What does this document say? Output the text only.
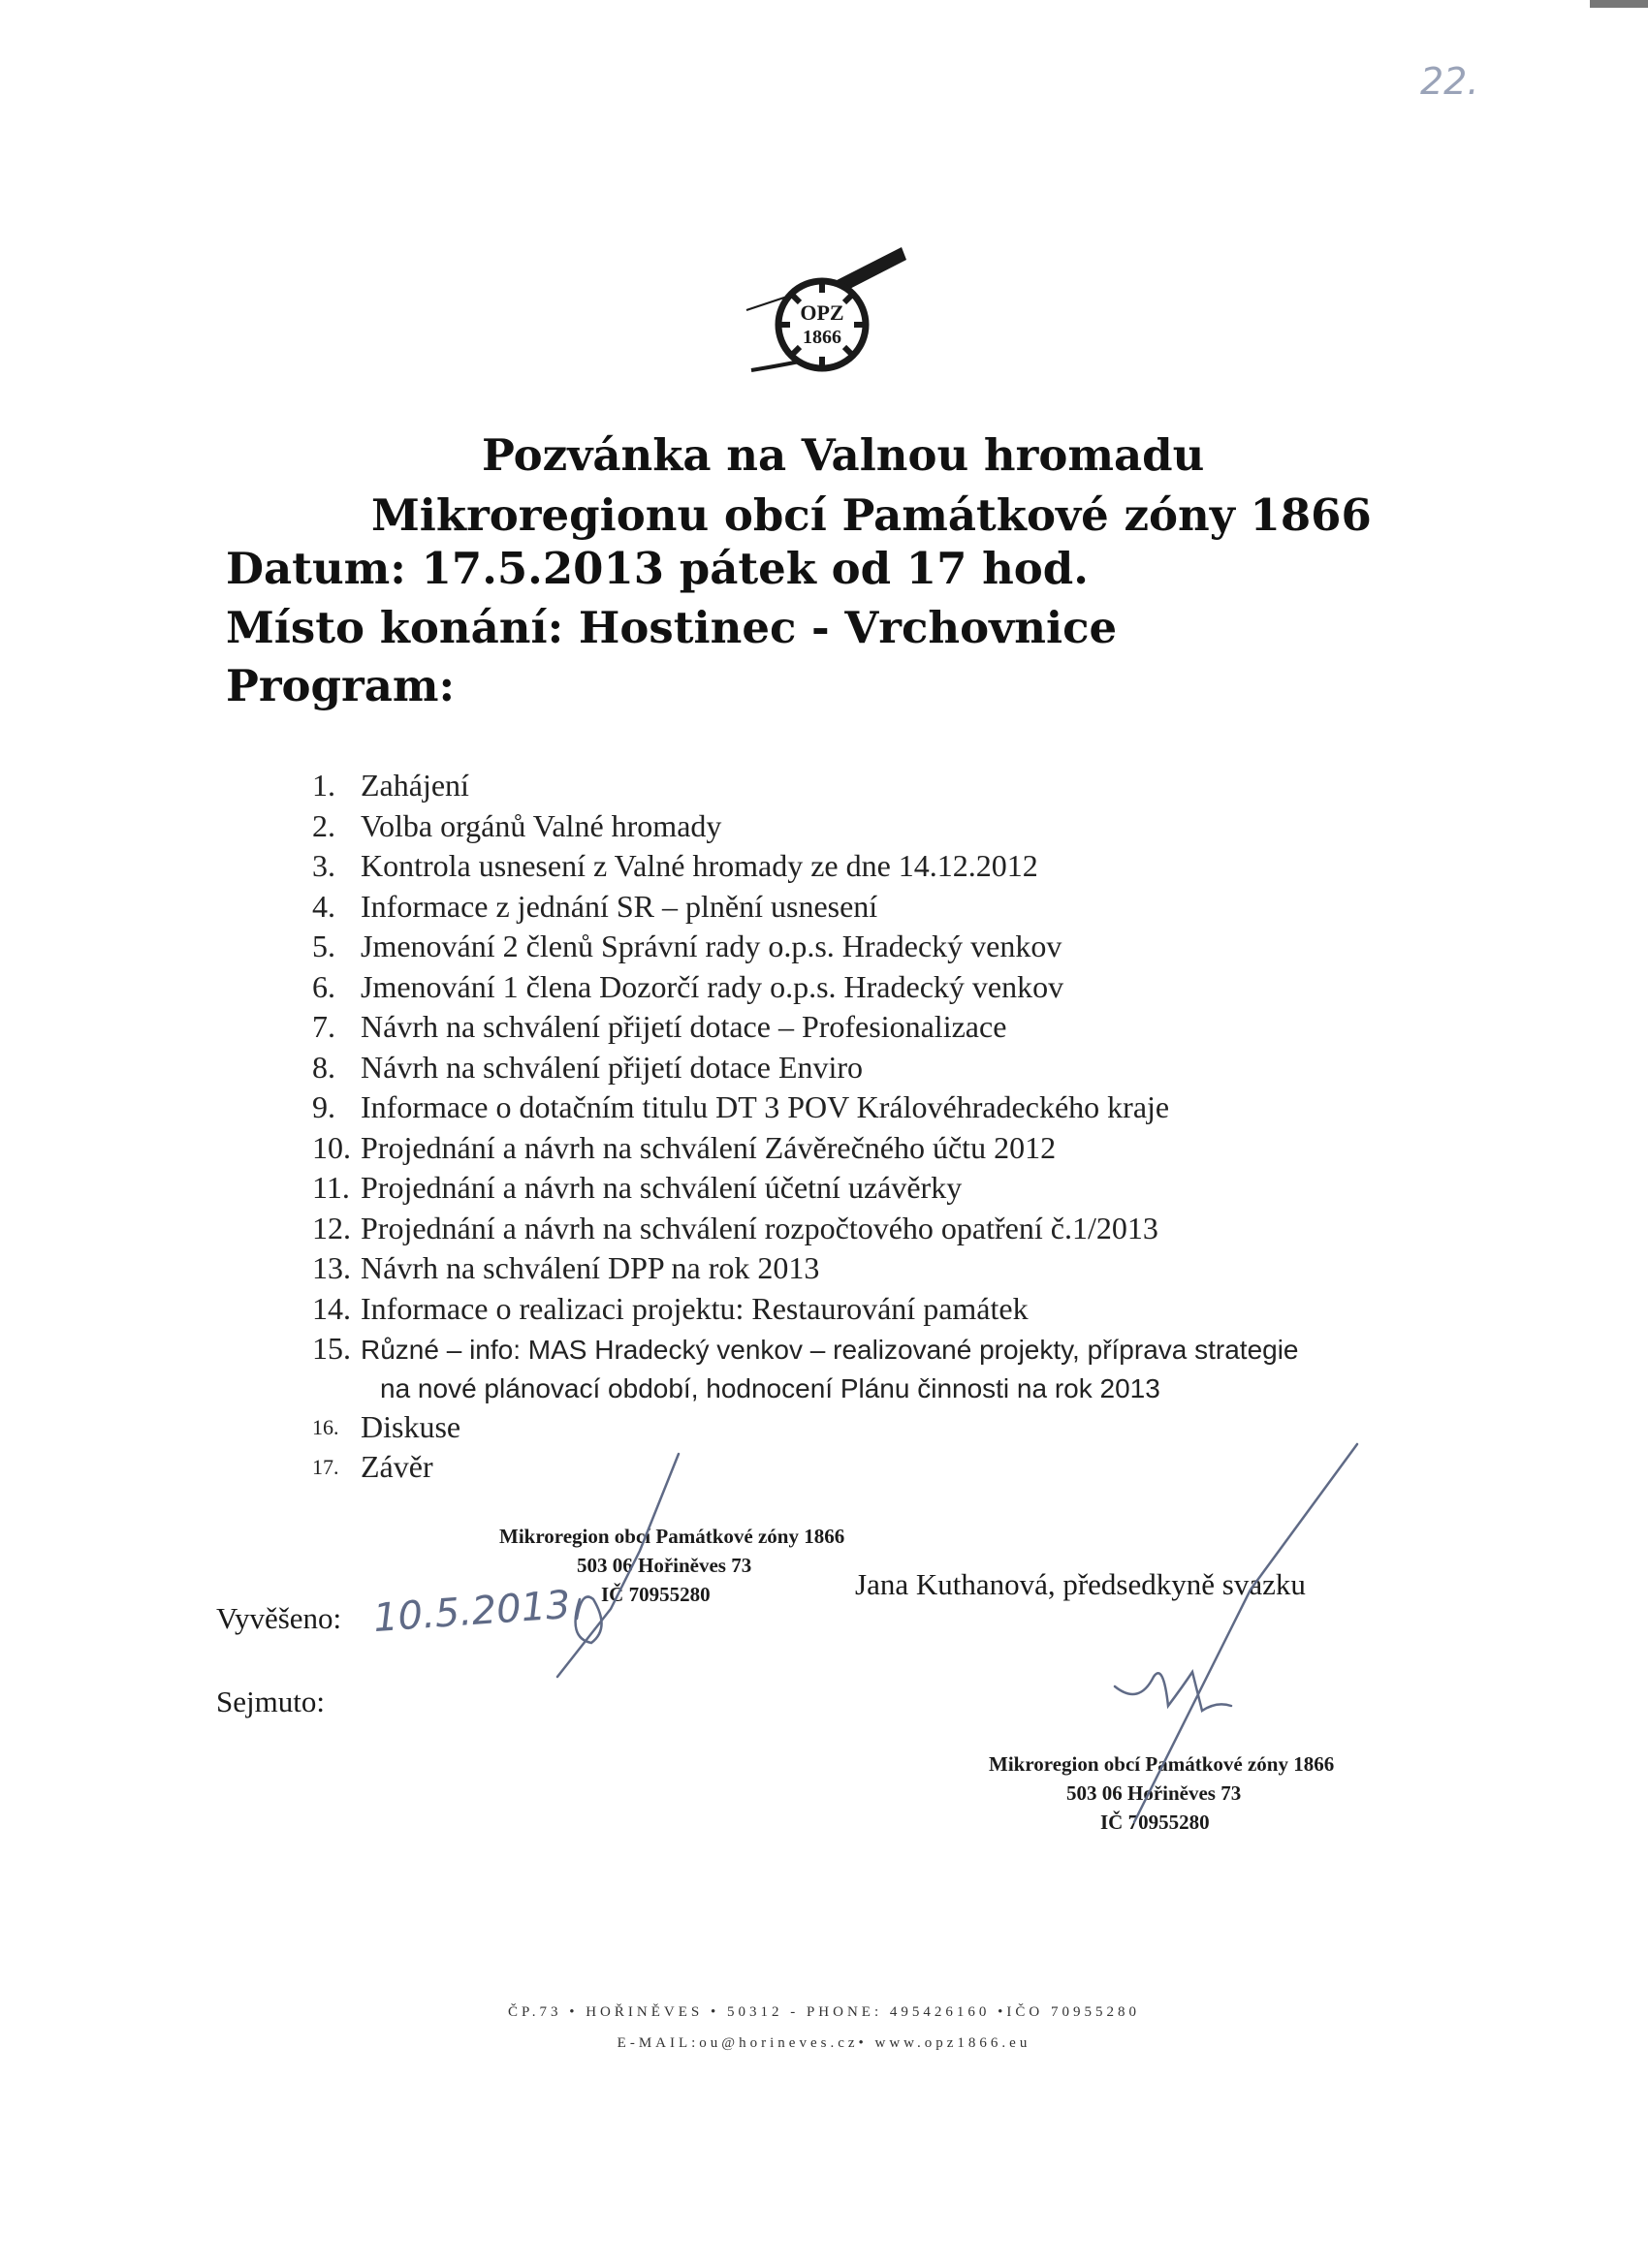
22.
OPZ
1866
Pozvánka na Valnou hromadu
Mikroregionu obcí Památkové zóny 1866
Datum: 17.5.2013 pátek od 17 hod.
Místo konání: Hostinec - Vrchovnice
Program:
1. Zahájení
2. Volba orgánů Valné hromady
3. Kontrola usnesení z Valné hromady ze dne 14.12.2012
4. Informace z jednání SR – plnění usnesení
5. Jmenování 2 členů Správní rady o.p.s. Hradecký venkov
6. Jmenování 1 člena Dozorčí rady o.p.s. Hradecký venkov
7. Návrh na schválení přijetí dotace – Profesionalizace
8. Návrh na schválení přijetí dotace Enviro
9. Informace o dotačním titulu DT 3 POV Královéhradeckého kraje
10. Projednání a návrh na schválení Závěrečného účtu 2012
11. Projednání a návrh na schválení účetní uzávěrky
12. Projednání a návrh na schválení rozpočtového opatření č.1/2013
13. Návrh na schválení DPP na rok 2013
14. Informace o realizaci projektu: Restaurování památek
15. Různé – info: MAS Hradecký venkov – realizované projekty, příprava strategie
na nové plánovací období, hodnocení Plánu činnosti na rok 2013
16. Diskuse
17. Závěr
Mikroregion obcí Památkové zóny 1866
503 06 Hořiněves 73
IČ 70955280
Vyvěšeno: 10.5.2013
Sejmuto:
Jana Kuthanová, předsedkyně svazku
Mikroregion obcí Památkové zóny 1866
503 06 Hořiněves 73
IČ 70955280
ČP.73 • HOŘINĚVES • 50312 - PHONE: 495426160 •IČO 70955280
E-MAIL:ou@horineves.cz• www.opz1866.eu
